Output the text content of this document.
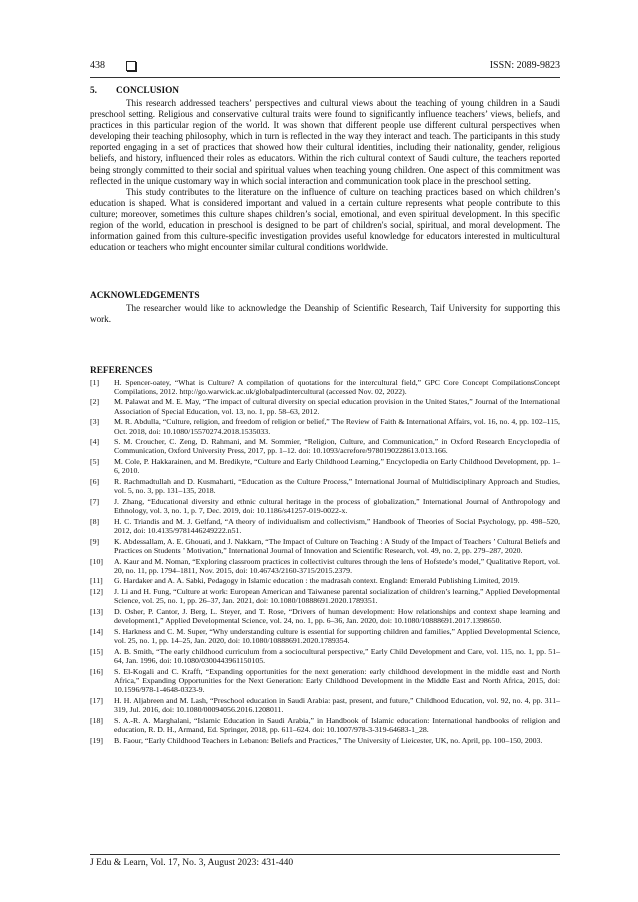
438	ISSN: 2089-9823
5. CONCLUSION

This research addressed teachers’ perspectives and cultural views about the teaching of young children in a Saudi preschool setting. Religious and conservative cultural traits were found to significantly influence teachers’ views, beliefs, and practices in this particular region of the world. It was shown that different people use different cultural perspectives when developing their teaching philosophy, which in turn is reflected in the way they interact and teach. The participants in this study reported engaging in a set of practices that showed how their cultural identities, including their nationality, gender, religious beliefs, and history, influenced their roles as educators. Within the rich cultural context of Saudi culture, the teachers reported being strongly committed to their social and spiritual values when teaching young children. One aspect of this commitment was reflected in the unique customary way in which social interaction and communication took place in the preschool setting.

This study contributes to the literature on the influence of culture on teaching practices based on which children’s education is shaped. What is considered important and valued in a certain culture represents what people contribute to this culture; moreover, sometimes this culture shapes children’s social, emotional, and even spiritual development. In this specific region of the world, education in preschool is designed to be part of children's social, spiritual, and moral development. The information gained from this culture-specific investigation provides useful knowledge for educators interested in multicultural education or teachers who might encounter similar cultural conditions worldwide.

ACKNOWLEDGEMENTS

The researcher would like to acknowledge the Deanship of Scientific Research, Taif University for supporting this work.

REFERENCES
[1] H. Spencer-oatey, “What is Culture? A compilation of quotations for the intercultural field,” GPC Core Concept CompilationsConcept Compilations, 2012. http://go.warwick.ac.uk/globalpadintercultural (accessed Nov. 02, 2022).
[2] M. Palawat and M. E. May, “The impact of cultural diversity on special education provision in the United States,” Journal of the International Association of Special Education, vol. 13, no. 1, pp. 58–63, 2012.
[3] M. R. Abdulla, “Culture, religion, and freedom of religion or belief,” The Review of Faith & International Affairs, vol. 16, no. 4, pp. 102–115, Oct. 2018, doi: 10.1080/15570274.2018.1535033.
[4] S. M. Croucher, C. Zeng, D. Rahmani, and M. Sommier, “Religion, Culture, and Communication,” in Oxford Research Encyclopedia of Communication, Oxford University Press, 2017, pp. 1–12. doi: 10.1093/acrefore/9780190228613.013.166.
[5] M. Cole, P. Hakkarainen, and M. Bredikyte, “Culture and Early Childhood Learning,” Encyclopedia on Early Childhood Development, pp. 1–6, 2010.
[6] R. Rachmadtullah and D. Kusmaharti, “Education as the Culture Process,” International Journal of Multidisciplinary Approach and Studies, vol. 5, no. 3, pp. 131–135, 2018.
[7] J. Zhang, “Educational diversity and ethnic cultural heritage in the process of globalization,” International Journal of Anthropology and Ethnology, vol. 3, no. 1, p. 7, Dec. 2019, doi: 10.1186/s41257-019-0022-x.
[8] H. C. Triandis and M. J. Gelfand, “A theory of individualism and collectivism,” Handbook of Theories of Social Psychology, pp. 498–520, 2012, doi: 10.4135/9781446249222.n51.
[9] K. Abdessallam, A. E. Ghouati, and J. Nakkarn, “The Impact of Culture on Teaching : A Study of the Impact of Teachers ’ Cultural Beliefs and Practices on Students ’ Motivation,” International Journal of Innovation and Scientific Research, vol. 49, no. 2, pp. 279–287, 2020.
[10] A. Kaur and M. Noman, “Exploring classroom practices in collectivist cultures through the lens of Hofstede’s model,” Qualitative Report, vol. 20, no. 11, pp. 1794–1811, Nov. 2015, doi: 10.46743/2160-3715/2015.2379.
[11] G. Hardaker and A. A. Sabki, Pedagogy in Islamic education : the madrasah context. England: Emerald Publishing Limited, 2019.
[12] J. Li and H. Fung, “Culture at work: European American and Taiwanese parental socialization of children’s learning,” Applied Developmental Science, vol. 25, no. 1, pp. 26–37, Jan. 2021, doi: 10.1080/10888691.2020.1789351.
[13] D. Osher, P. Cantor, J. Berg, L. Steyer, and T. Rose, “Drivers of human development: How relationships and context shape learning and development1,” Applied Developmental Science, vol. 24, no. 1, pp. 6–36, Jan. 2020, doi: 10.1080/10888691.2017.1398650.
[14] S. Harkness and C. M. Super, “Why understanding culture is essential for supporting children and families,” Applied Developmental Science, vol. 25, no. 1, pp. 14–25, Jan. 2020, doi: 10.1080/10888691.2020.1789354.
[15] A. B. Smith, “The early childhood curriculum from a sociocultural perspective,” Early Child Development and Care, vol. 115, no. 1, pp. 51–64, Jan. 1996, doi: 10.1080/0300443961150105.
[16] S. El-Kogali and C. Krafft, “Expanding opportunities for the next generation: early childhood development in the middle east and North Africa,” Expanding Opportunities for the Next Generation: Early Childhood Development in the Middle East and North Africa, 2015, doi: 10.1596/978-1-4648-0323-9.
[17] H. H. Aljabreen and M. Lash, “Preschool education in Saudi Arabia: past, present, and future,” Childhood Education, vol. 92, no. 4, pp. 311–319, Jul. 2016, doi: 10.1080/00094056.2016.1208011.
[18] S. A.-R. A. Marghalani, “Islamic Education in Saudi Arabia,” in Handbook of Islamic education: International handbooks of religion and education, R. D. H., Armand, Ed. Springer, 2018, pp. 611–624. doi: 10.1007/978-3-319-64683-1_28.
[19] B. Faour, “Early Childhood Teachers in Lebanon: Beliefs and Practices,” The University of Lieicester, UK, no. April, pp. 100–150, 2003.
J Edu & Learn, Vol. 17, No. 3, August 2023: 431-440
